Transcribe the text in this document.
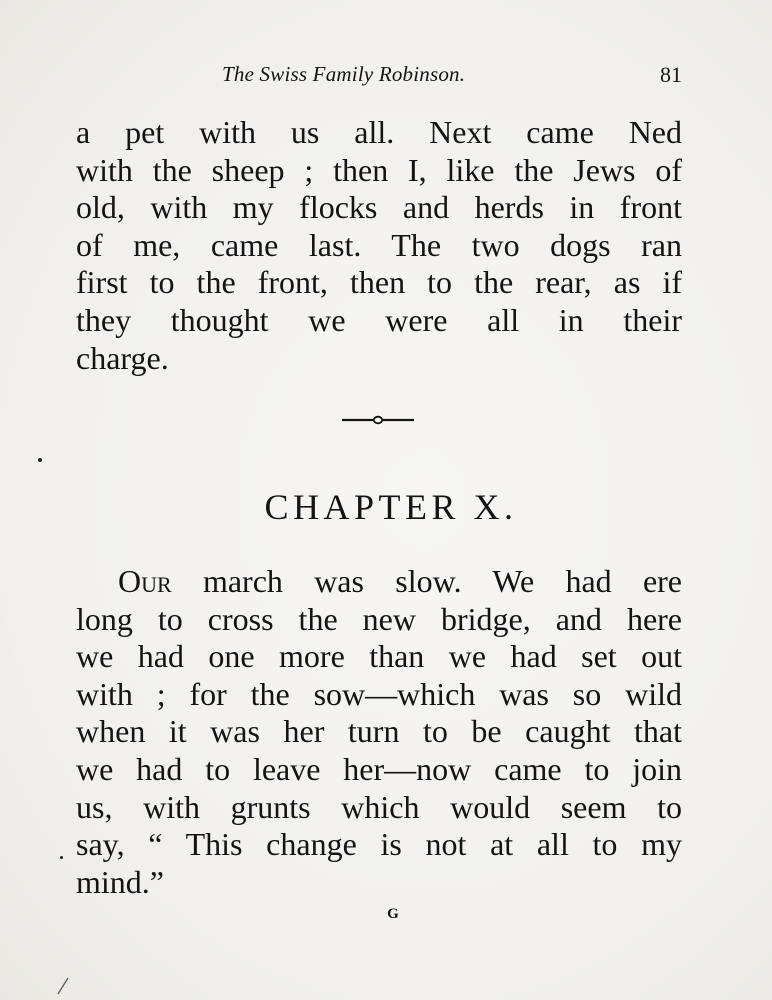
The Swiss Family Robinson.	81
a pet with us all. Next came Ned
with the sheep ; then I, like the Jews of
old, with my flocks and herds in front
of me, came last. The two dogs ran
first to the front, then to the rear, as if
they thought we were all in their
charge.
CHAPTER X.
Our march was slow. We had ere
long to cross the new bridge, and here
we had one more than we had set out
with ; for the sow—which was so wild
when it was her turn to be caught that
we had to leave her—now came to join
us, with grunts which would seem to
say, “ This change is not at all to my
mind.”
G
